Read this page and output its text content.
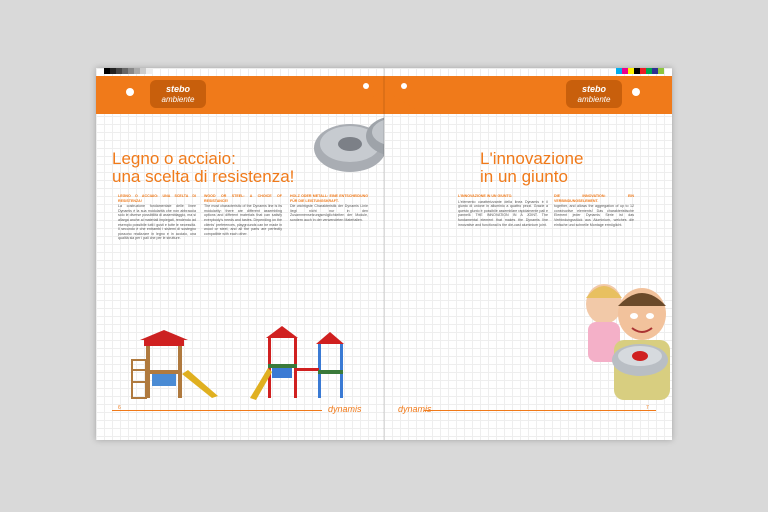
stebo
ambiente
Legno o acciaio:
una scelta di resistenza!
LEGNO O ACCIAIO: UNA SCELTA DI RESISTENZA!

La costruzione fondamentale delle linee Dynamis è la sua modularità che non abbraccia solo le diverse possibilità di assemblaggio, ma si allarga anche ai materiali impiegati, rendendo ad esempio possibile tutti i gusti e tutte le necessità. Il secondo è che entrambi i sistemi di sostegno possono realizzare in legno e in acciaio, una qualità sia per i pali che per le strutture.

WOOD OR STEEL: A CHOICE OF RESISTANCE!

The most characteristic of the Dynamis line is its modularity: there are different assembling options and different materials that can satisfy everybody's needs and tastes. Depending on the clients' preferences, playgrounds can be made in wood or steel, and all the parts are perfectly compatible with each other.

HOLZ ODER METALL: EINE ENTSCHEIDUNG FÜR DIE LEISTUNGSKRAFT.

Die wichtigste Charakteristik der Dynamis Linie liegt nicht nur in den Zusammensetzungsmöglichkeiten der Module, sondern auch in der verwendeten Materialien.

6	dynamis
stebo
ambiente
L'innovazione
in un giunto
L'INNOVAZIONE IN UN GIUNTO.

L'elemento caratterizzante della linea Dynamis è il giunto di unione in alluminio a quattro pezzi. Grazie a questo giunto è possibile assemblare rapidamente pali e pannelli. THE INNOVATION IN A JOINT. The fundamental element that makes the Dynamis line innovative and functional is the die-cast aluminium joint.

DIE INNOVATION: EIN VERBINDUNGSELEMENT.

together, and allows the aggregation of up to 12 constructive elements! Das charakteristische Element jeder Dynamis Serie ist das Verbindungsstück aus Aluminium, welches die einfache und schnelle Montage ermöglicht.

dynamis	7
